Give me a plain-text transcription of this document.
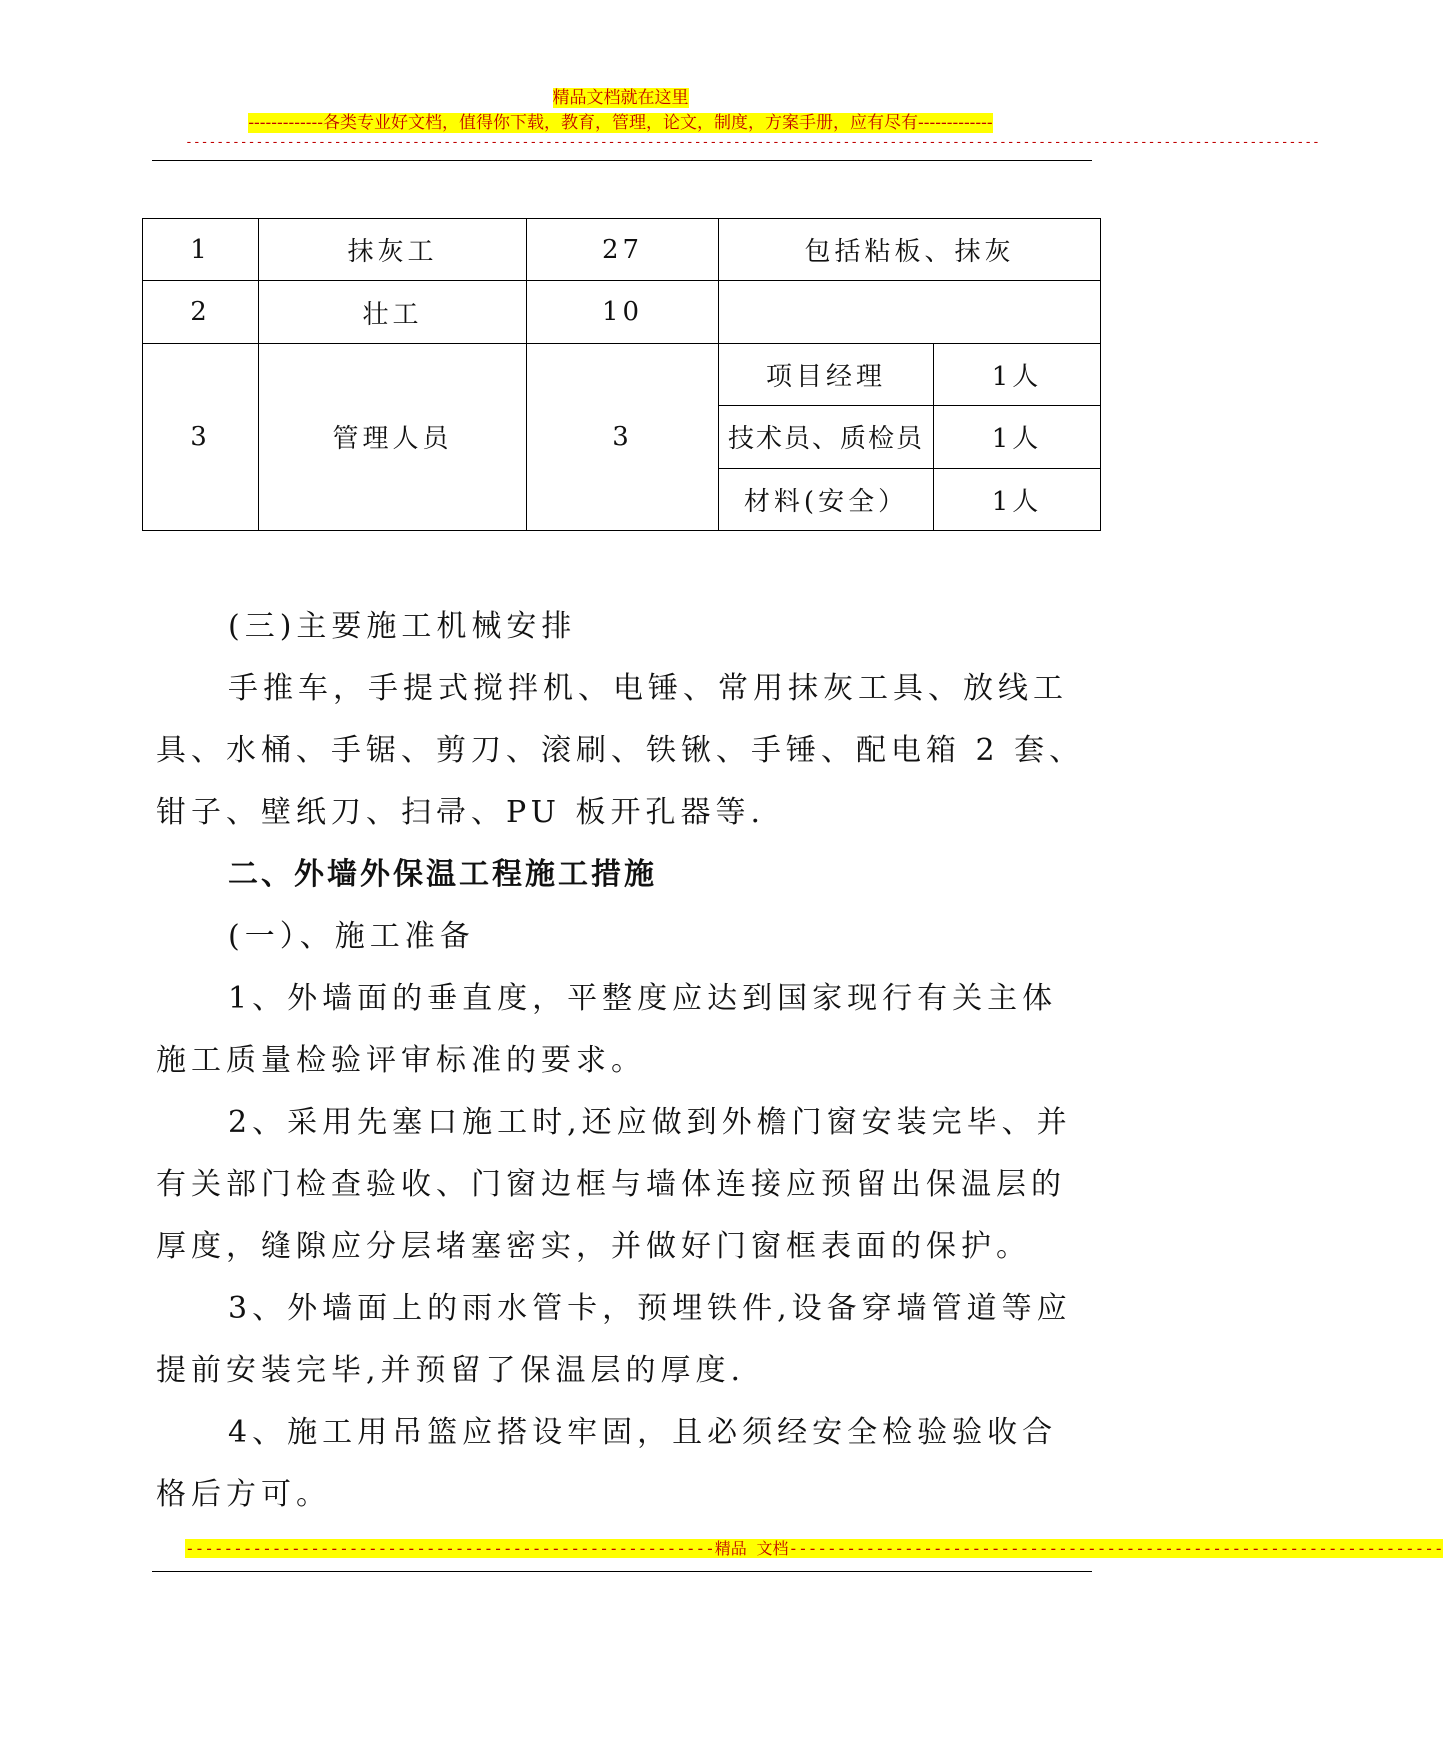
精品文档就在这里
-------------各类专业好文档，值得你下载，教育，管理，论文，制度，方案手册，应有尽有-------------
-------------------------------------------------------------------------------------------------------------------------------------------------
1	抹灰工	27	包括粘板、抹灰	
2	壮工	10		
3	管理人员	3	项目经理	1人
			技术员、质检员	1人
			材料(安全）	1人

(三)主要施工机械安排

手推车，手提式搅拌机、电锤、常用抹灰工具、放线工具、水桶、手锯、剪刀、滚刷、铁锹、手锤、配电箱 2 套、钳子、壁纸刀、扫帚、PU 板开孔器等.

二、外墙外保温工程施工措施

(一）、施工准备

1、外墙面的垂直度，平整度应达到国家现行有关主体施工质量检验评审标准的要求。

2、采用先塞口施工时,还应做到外檐门窗安装完毕、并有关部门检查验收、门窗边框与墙体连接应预留出保温层的厚度，缝隙应分层堵塞密实，并做好门窗框表面的保护。

3、外墙面上的雨水管卡，预埋铁件,设备穿墙管道等应提前安装完毕,并预留了保温层的厚度.

4、施工用吊篮应搭设牢固，且必须经安全检验验收合格后方可。

-------------------------------------------------------精品 文档--------------------------------------------------------------------
